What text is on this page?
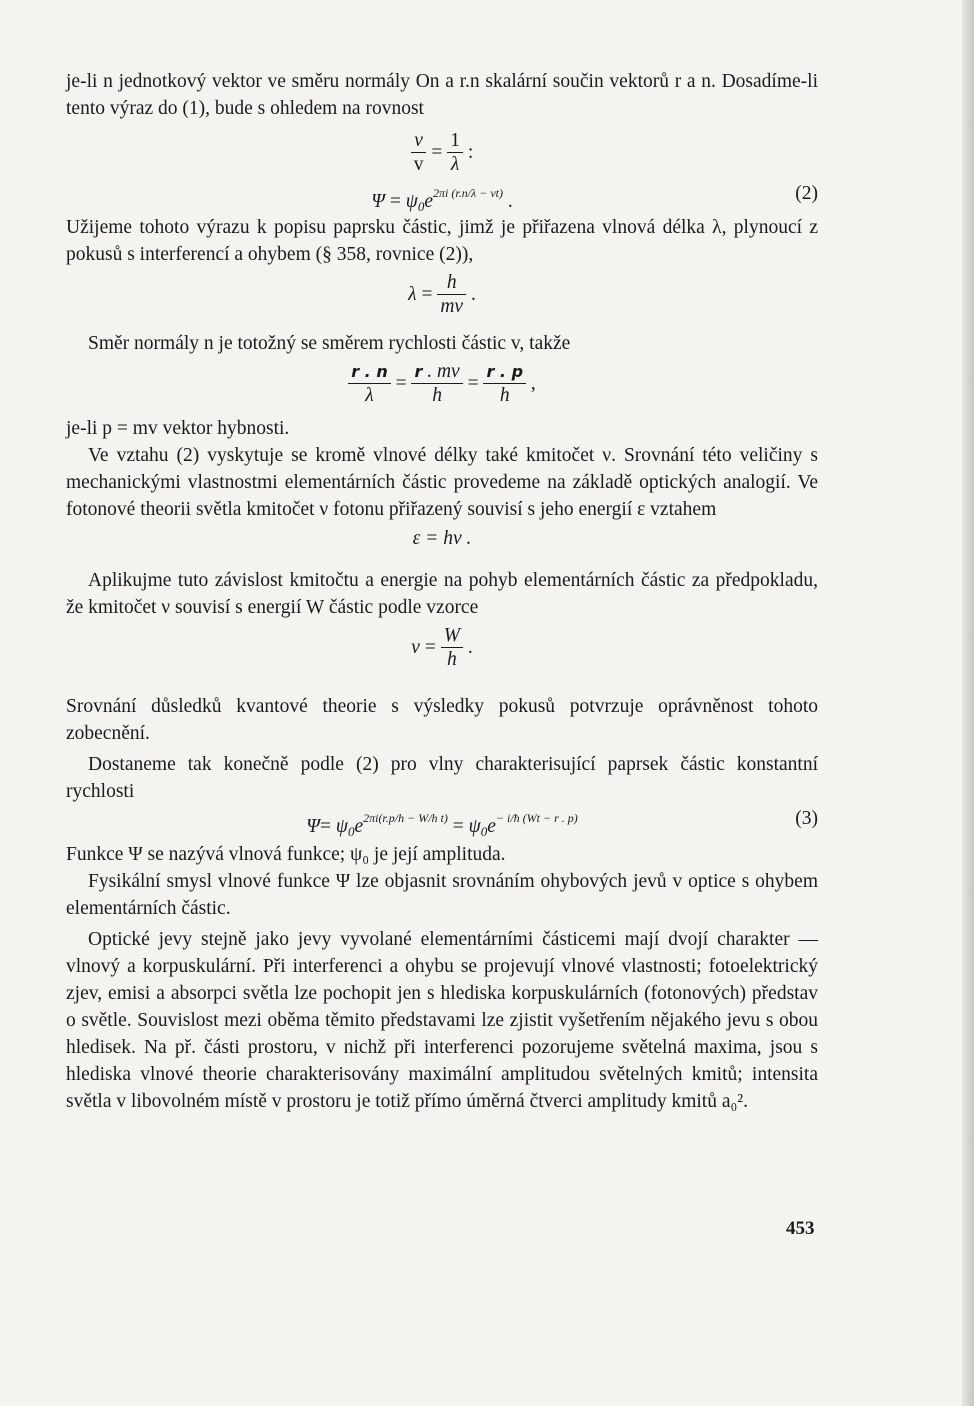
je-li n jednotkový vektor ve směru normály On a r.n skalární součin vektorů r a n. Dosadíme-li tento výraz do (1), bude s ohledem na rovnost

$\frac{\nu}{v} = \frac{1}{\lambda}$ :
$\Psi = \psi_0e^{2\pi i (r.n/\lambda - \nu t)}$ .	(2)

Užijeme tohoto výrazu k popisu paprsku částic, jimž je přiřazena vlnová délka λ, plynoucí z pokusů s interferencí a ohybem (§ 358, rovnice (2)),

$\lambda = \frac{h}{mv}$ .

Směr normály n je totožný se směrem rychlosti částic v, takže

$\frac{r . n}{\lambda} = \frac{r . mv}{h} = \frac{r . p}{h}$ ,

je-li p = mv vektor hybnosti.

Ve vztahu (2) vyskytuje se kromě vlnové délky také kmitočet ν. Srovnání této veličiny s mechanickými vlastnostmi elementárních částic provedeme na základě optických analogií. Ve fotonové theorii světla kmitočet ν fotonu přiřazený souvisí s jeho energií ε vztahem

ε = hν .

Aplikujme tuto závislost kmitočtu a energie na pohyb elementárních částic za předpokladu, že kmitočet ν souvisí s energií W částic podle vzorce

$\nu = \frac{W}{h}$ .

Srovnání důsledků kvantové theorie s výsledky pokusů potvrzuje oprávněnost tohoto zobecnění.

Dostaneme tak konečně podle (2) pro vlny charakterisující paprsek částic konstantní rychlosti

$\Psi= \psi_0e^{2\pi i(r.p/h - W/h t)} = \psi_0e^{- i/ħ (Wt - r . p)}$	(3)

Funkce Ψ se nazývá vlnová funkce; ψ₀ je její amplituda.

Fysikální smysl vlnové funkce Ψ lze objasnit srovnáním ohybových jevů v optice s ohybem elementárních částic.

Optické jevy stejně jako jevy vyvolané elementárními částicemi mají dvojí charakter — vlnový a korpuskulární. Při interferenci a ohybu se projevují vlnové vlastnosti; fotoelektrický zjev, emisi a absorpci světla lze pochopit jen s hlediska korpuskulárních (fotonových) představ o světle. Souvislost mezi oběma těmito představami lze zjistit vyšetřením nějakého jevu s obou hledisek. Na př. části prostoru, v nichž při interferenci pozorujeme světelná maxima, jsou s hlediska vlnové theorie charakterisovány maximální amplitudou světelných kmitů; intensita světla v libovolném místě v prostoru je totiž přímo úměrná čtverci amplitudy kmitů a₀².

453
